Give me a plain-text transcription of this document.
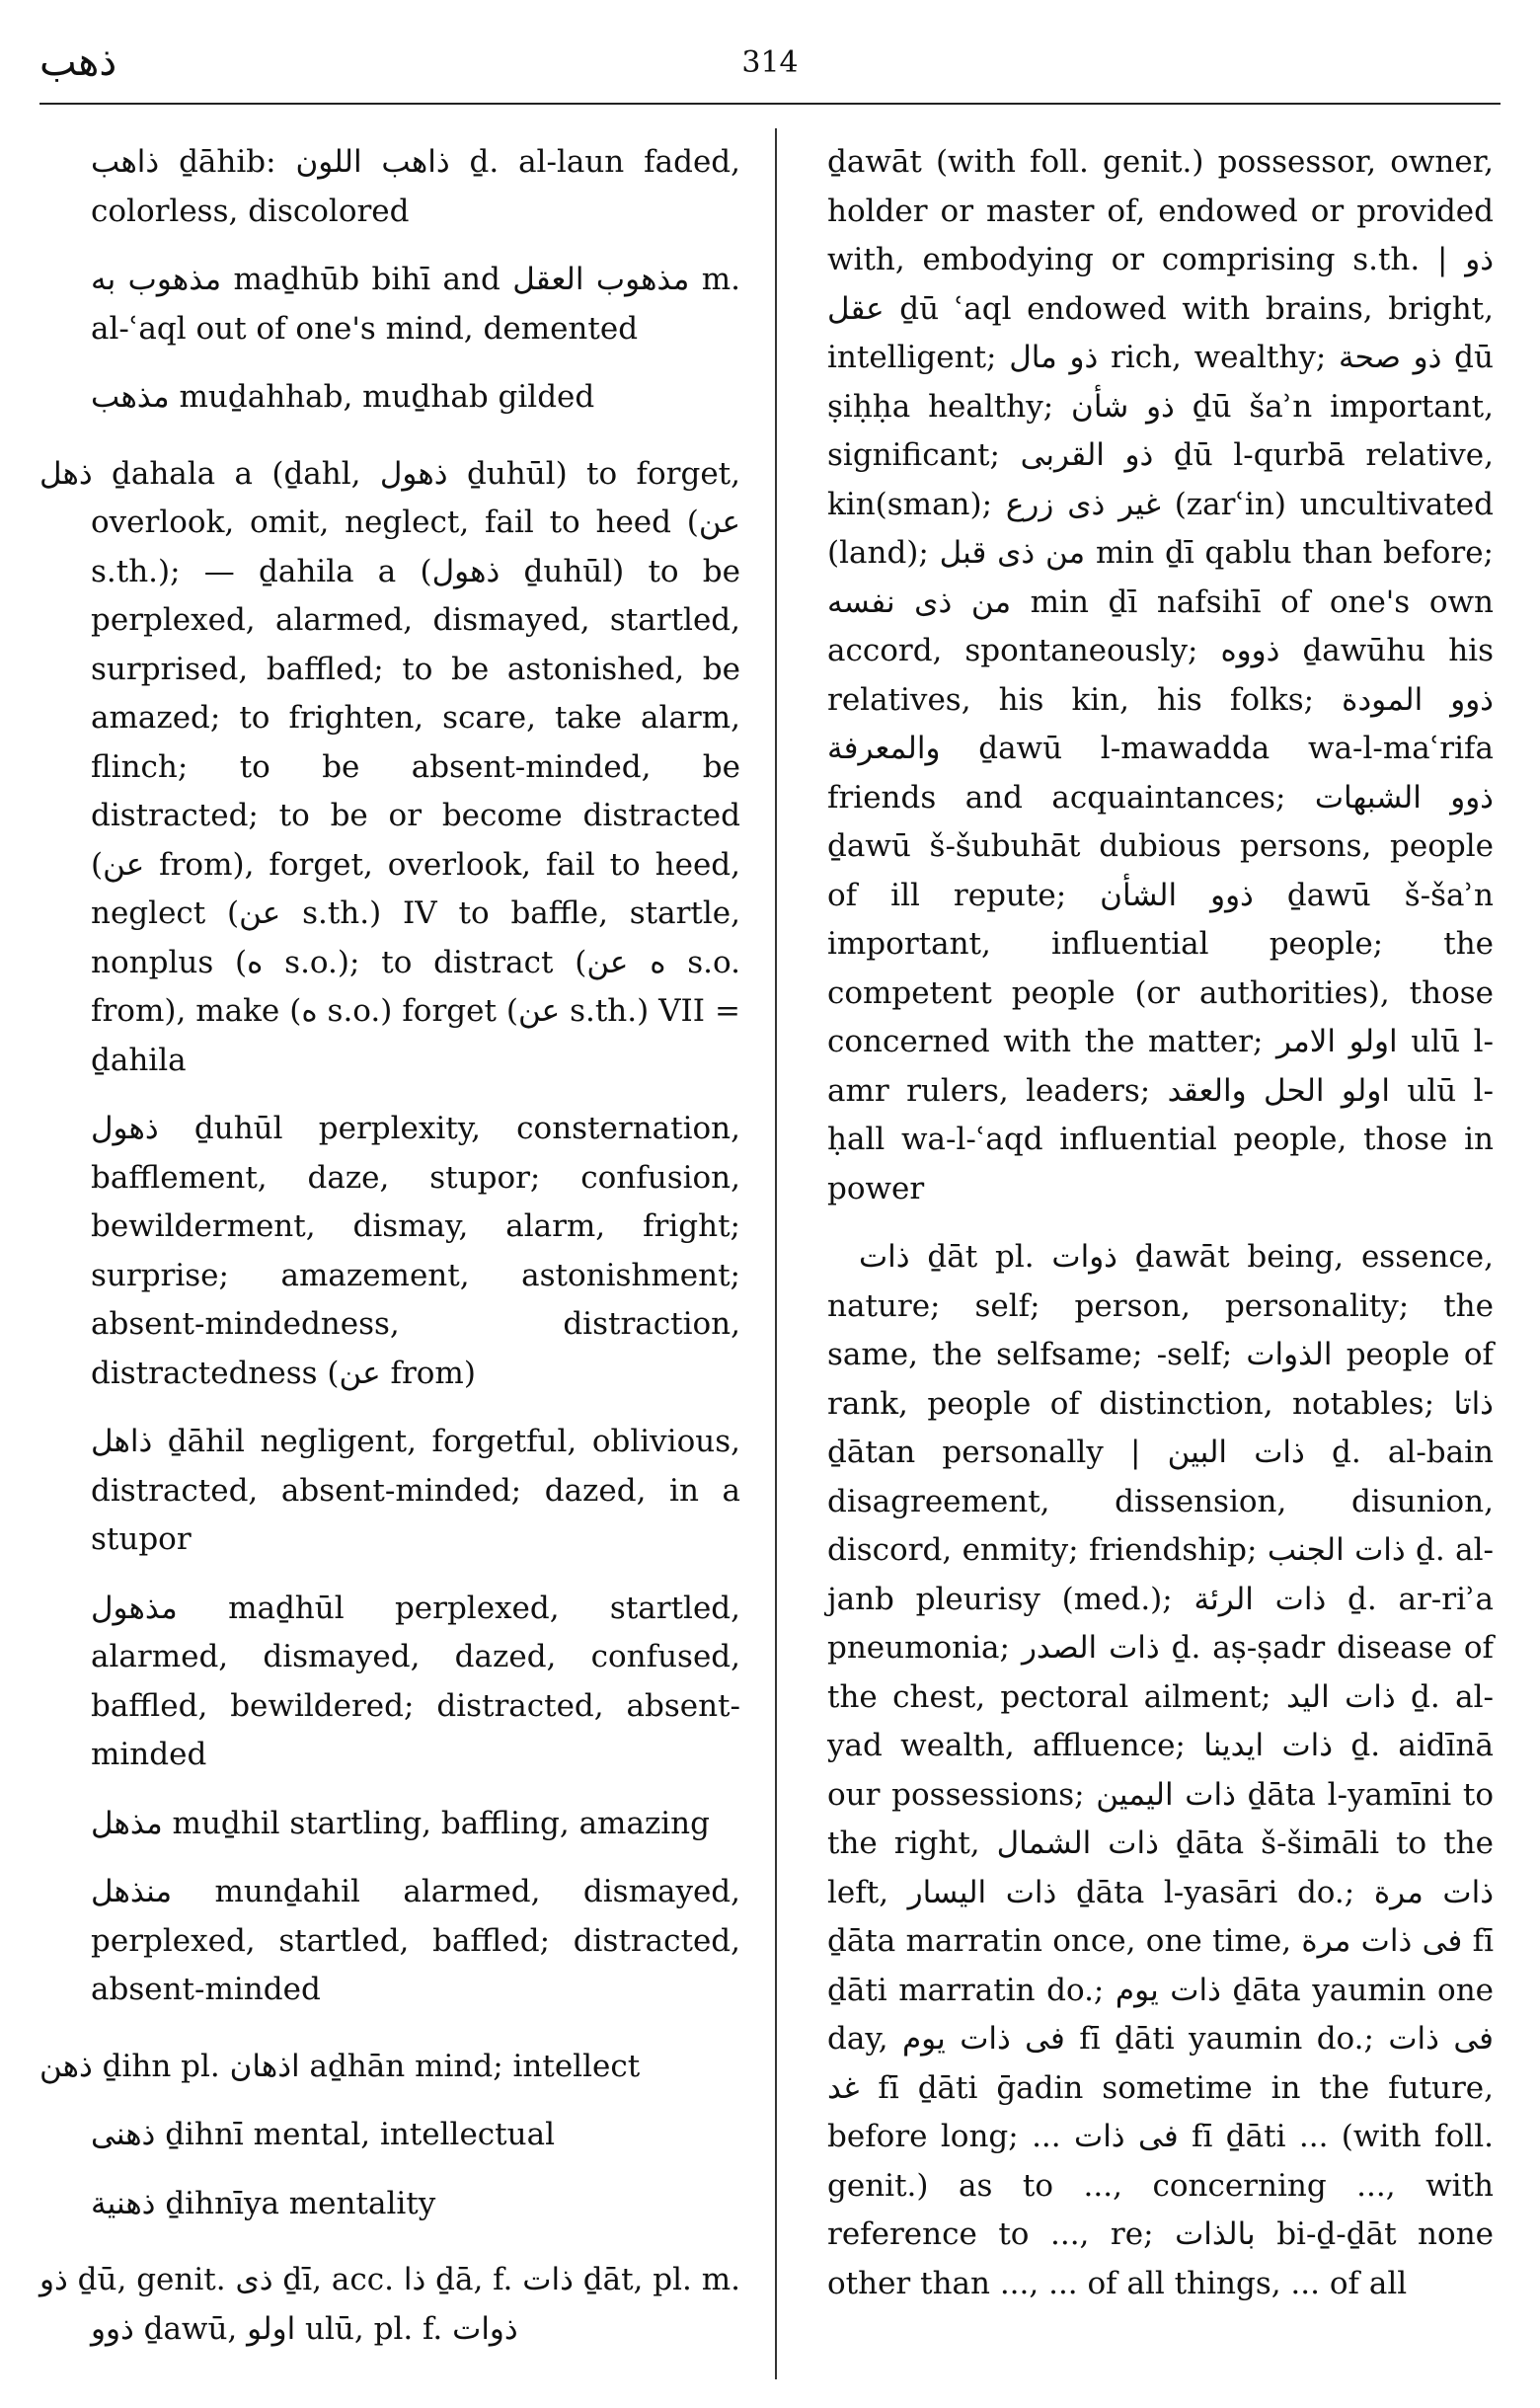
ذهب	314

ذاهب ḏāhib: ذاهب اللون ḏ. al-laun faded, colorless, discolored

مذهوب به maḏhūb bihī and مذهوب العقل m. al-ʿaql out of one's mind, demented

مذهب muḏahhab, muḏhab gilded

ذهل ḏahala a (ḏahl, ذهول ḏuhūl) to forget, overlook, omit, neglect, fail to heed (عن s.th.); — ḏahila a (ذهول ḏuhūl) to be perplexed, alarmed, dismayed, startled, surprised, baffled; to be astonished, be amazed; to frighten, scare, take alarm, flinch; to be absent-minded, be distracted; to be or become distracted (عن from), forget, overlook, fail to heed, neglect (عن s.th.) IV to baffle, startle, nonplus (ه s.o.); to distract (ه عن s.o. from), make (ه s.o.) forget (عن s.th.) VII = ḏahila

ذهول ḏuhūl perplexity, consternation, bafflement, daze, stupor; confusion, bewilderment, dismay, alarm, fright; surprise; amazement, astonishment; absent-mindedness, distraction, distractedness (عن from)

ذاهل ḏāhil negligent, forgetful, oblivious, distracted, absent-minded; dazed, in a stupor

مذهول maḏhūl perplexed, startled, alarmed, dismayed, dazed, confused, baffled, bewildered; distracted, absent-minded

مذهل muḏhil startling, baffling, amazing

منذهل munḏahil alarmed, dismayed, perplexed, startled, baffled; distracted, absent-minded

ذهن ḏihn pl. اذهان aḏhān mind; intellect

ذهنى ḏihnī mental, intellectual

ذهنية ḏihnīya mentality

ذو ḏū, genit. ذى ḏī, acc. ذا ḏā, f. ذات ḏāt, pl. m. ذوو ḏawū, اولو ulū, pl. f. ذوات

ḏawāt (with foll. genit.) possessor, owner, holder or master of, endowed or provided with, embodying or comprising s.th. | ذو عقل ḏū ʿaql endowed with brains, bright, intelligent; ذو مال rich, wealthy; ذو صحة ḏū ṣiḥḥa healthy; ذو شأن ḏū šaʾn important, significant; ذو القربى ḏū l-qurbā relative, kin(sman); غير ذى زرع (zarʿin) uncultivated (land); من ذى قبل min ḏī qablu than before; من ذى نفسه min ḏī nafsihī of one's own accord, spontaneously; ذووه ḏawūhu his relatives, his kin, his folks; ذوو المودة والمعرفة ḏawū l-mawadda wa-l-maʿrifa friends and acquaintances; ذوو الشبهات ḏawū š-šubuhāt dubious persons, people of ill repute; ذوو الشأن ḏawū š-šaʾn important, influential people; the competent people (or authorities), those concerned with the matter; اولو الامر ulū l-amr rulers, leaders; اولو الحل والعقد ulū l-ḥall wa-l-ʿaqd influential people, those in power

ذات ḏāt pl. ذوات ḏawāt being, essence, nature; self; person, personality; the same, the selfsame; -self; الذوات people of rank, people of distinction, notables; ذاتا ḏātan personally | ذات البين ḏ. al-bain disagreement, dissension, disunion, discord, enmity; friendship; ذات الجنب ḏ. al-janb pleurisy (med.); ذات الرئة ḏ. ar-riʾa pneumonia; ذات الصدر ḏ. aṣ-ṣadr disease of the chest, pectoral ailment; ذات اليد ḏ. al-yad wealth, affluence; ذات ايدينا ḏ. aidīnā our possessions; ذات اليمين ḏāta l-yamīni to the right, ذات الشمال ḏāta š-šimāli to the left, ذات اليسار ḏāta l-yasāri do.; ذات مرة ḏāta marratin once, one time, فى ذات مرة fī ḏāti marratin do.; ذات يوم ḏāta yaumin one day, فى ذات يوم fī ḏāti yaumin do.; فى ذات غد fī ḏāti ḡadin sometime in the future, before long; ... فى ذات fī ḏāti ... (with foll. genit.) as to ..., concerning ..., with reference to ..., re; بالذات bi-ḏ-ḏāt none other than ..., ... of all things, ... of all
